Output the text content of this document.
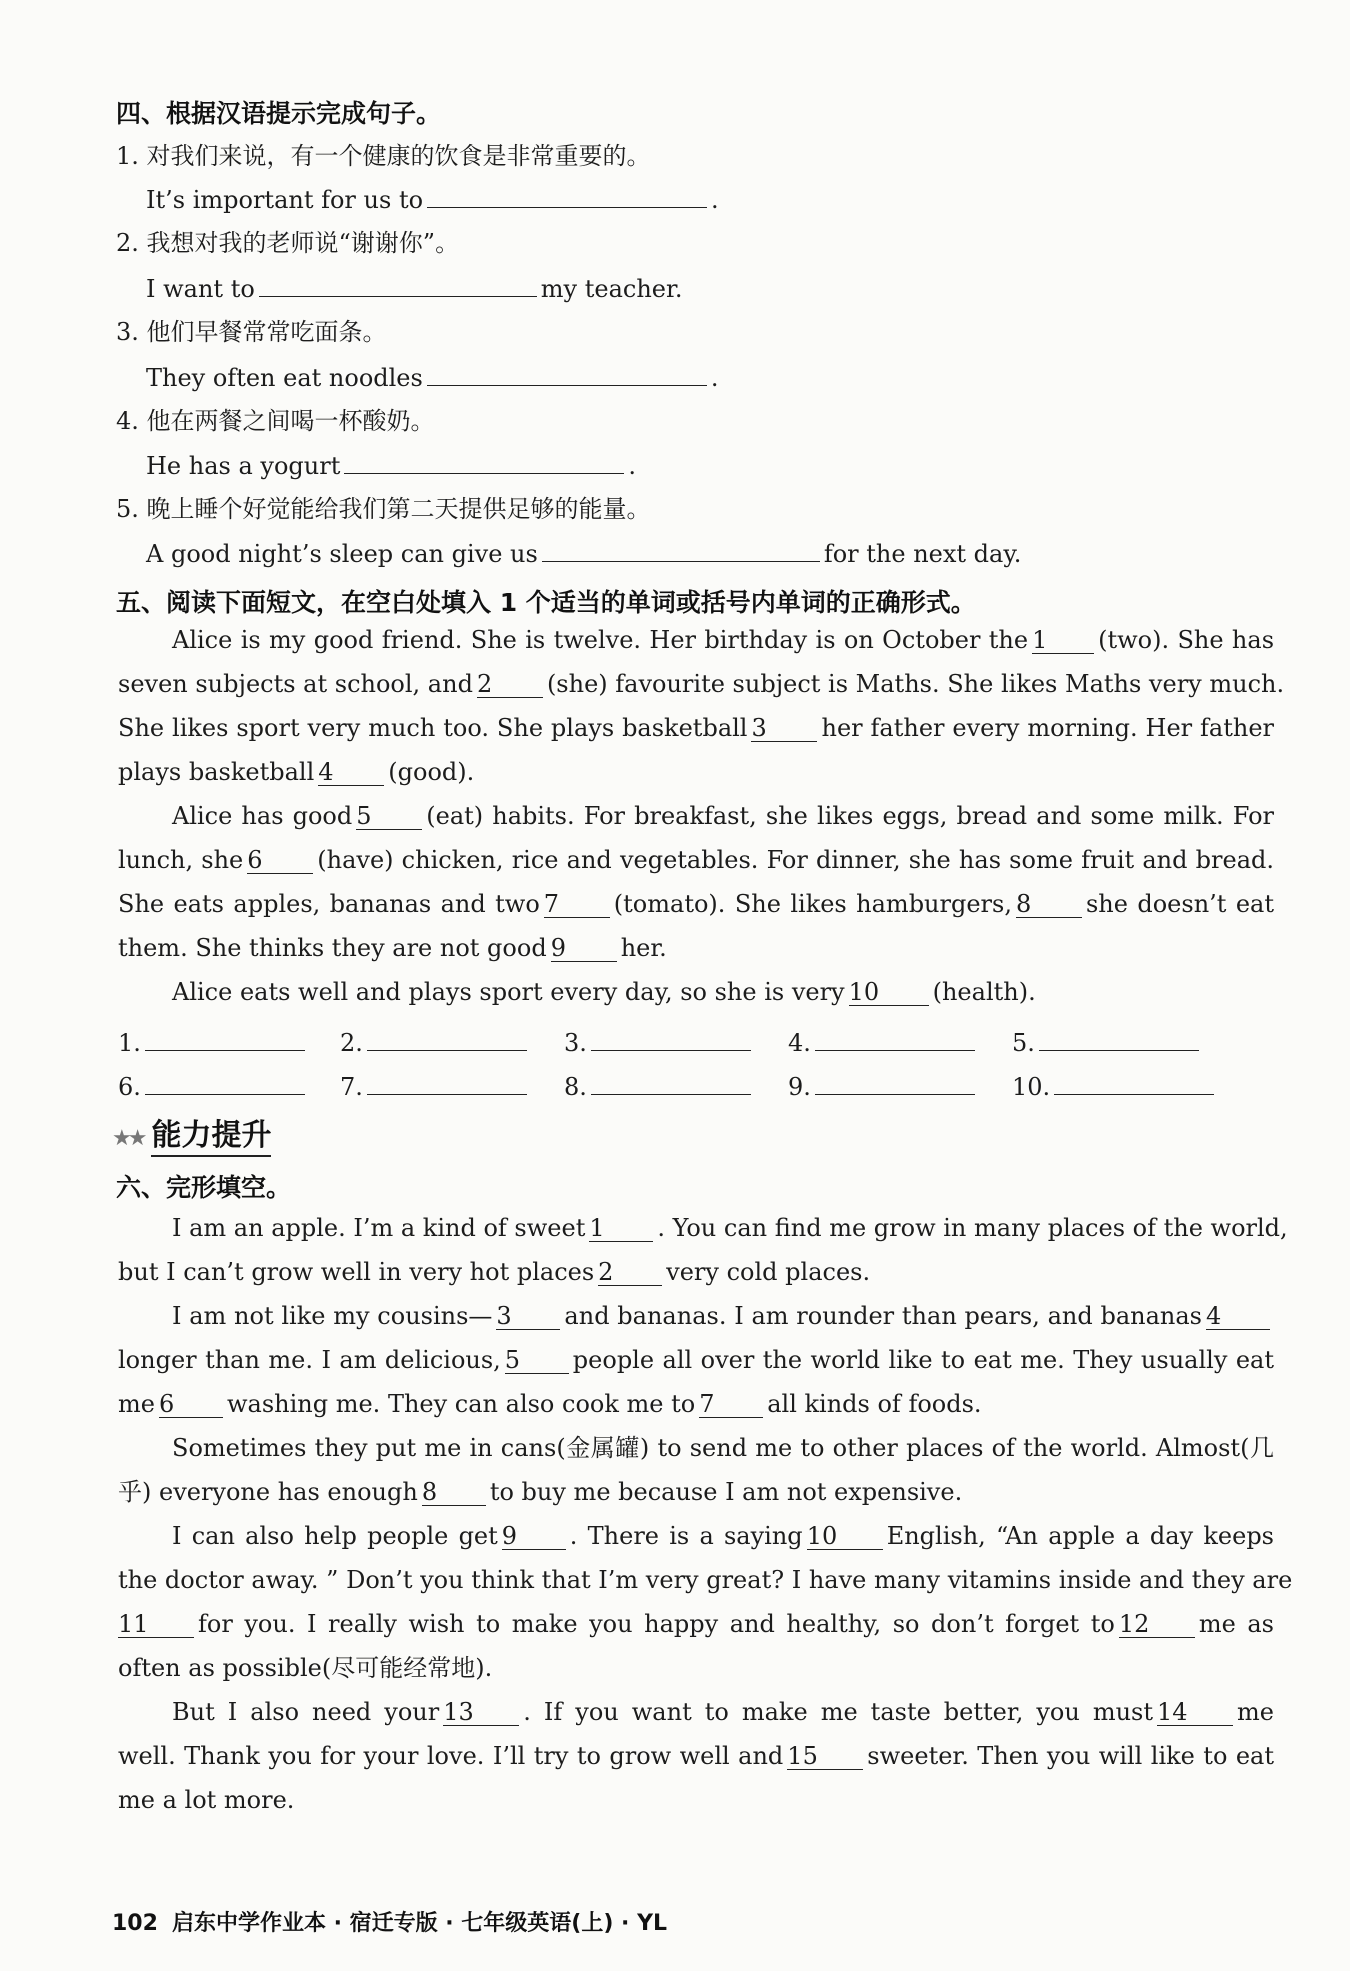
四、根据汉语提示完成句子。
1. 对我们来说，有一个健康的饮食是非常重要的。
It’s important for us to	.
2. 我想对我的老师说“谢谢你”。
I want to	my teacher.
3. 他们早餐常常吃面条。
They often eat noodles	.
4. 他在两餐之间喝一杯酸奶。
He has a yogurt	.
5. 晚上睡个好觉能给我们第二天提供足够的能量。
A good night’s sleep can give us	for the next day.
五、阅读下面短文，在空白处填入 1 个适当的单词或括号内单词的正确形式。
Alice is my good friend. She is twelve. Her birthday is on October the 1 (two). She has
seven subjects at school, and 2 (she) favourite subject is Maths. She likes Maths very much.
She likes sport very much too. She plays basketball 3 her father every morning. Her father
plays basketball 4 (good).
Alice has good 5 (eat) habits. For breakfast, she likes eggs, bread and some milk. For
lunch, she 6 (have) chicken, rice and vegetables. For dinner, she has some fruit and bread.
She eats apples, bananas and two 7 (tomato). She likes hamburgers, 8 she doesn’t eat
them. She thinks they are not good 9 her.
Alice eats well and plays sport every day, so she is very 10 (health).
1.	2.	3.	4.	5.
6.	7.	8.	9.	10.
★★ 能力提升
六、完形填空。
I am an apple. I’m a kind of sweet 1 . You can find me grow in many places of the world,
but I can’t grow well in very hot places 2 very cold places.
I am not like my cousins— 3 and bananas. I am rounder than pears, and bananas 4
longer than me. I am delicious, 5 people all over the world like to eat me. They usually eat
me 6 washing me. They can also cook me to 7 all kinds of foods.
Sometimes they put me in cans(金属罐) to send me to other places of the world. Almost(几
乎) everyone has enough 8 to buy me because I am not expensive.
I can also help people get 9 . There is a saying 10 English, “An apple a day keeps
the doctor away. ” Don’t you think that I’m very great? I have many vitamins inside and they are
11 for you. I really wish to make you happy and healthy, so don’t forget to 12 me as
often as possible(尽可能经常地).
But I also need your 13 . If you want to make me taste better, you must 14 me
well. Thank you for your love. I’ll try to grow well and 15 sweeter. Then you will like to eat
me a lot more.
102 启东中学作业本 · 宿迁专版 · 七年级英语(上) · YL
